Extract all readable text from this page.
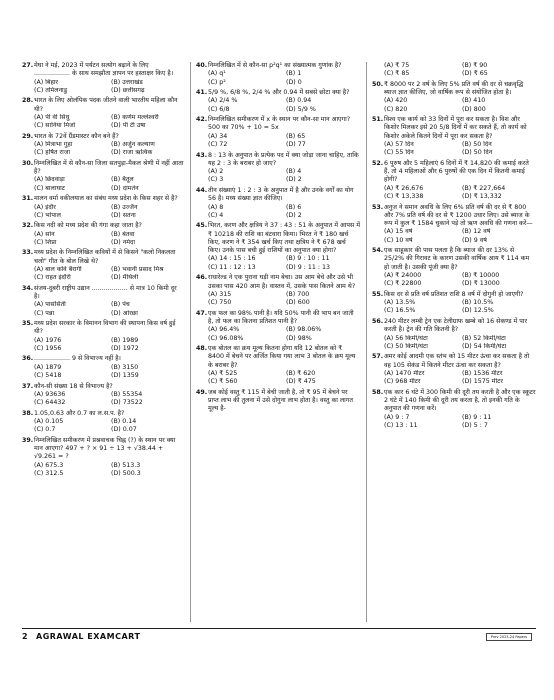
27. मेघा ने मई, 2023 में पर्यटन सत्योग बढ़ाने के लिए .................. के साथ समझौता ज्ञापन पर हस्ताक्षर किए है।
(A) बिहार	(B) उत्तराखंड
(C) तमिलनाडु	(D) छत्तीसगढ़
28. भारत के लिए ओलंपिक पदक जीतने वाली भारतीय महिला कौन थी?
(A) पी वी सिंधु	(B) कर्णम मल्लेश्वरी
(C) सानिया मिर्जा	(D) पी टी उषा
29. भारत के 72वें ग्रैंडमास्टर कौन बने हैं?
(A) मित्राभा गुहा	(B) अर्जुन कल्याण
(C) हर्षित राजा	(D) राजा ऋत्विक
30. निम्नलिखित में से कौन-सा जिला सतपुड़ा-मैकल श्रेणी में नहीं आता है?
(A) छिंदवाड़ा	(B) बैतूल
(C) बालाघाट	(D) दामतेन
31. मालन वर्मा वकीलयाल का संबंध मध्य प्रदेश के किस शहर से है?
(A) इंदौर	(B) उज्जैन
(C) भोपाल	(D) सतना
32. किस नदी को मध्य प्रदेश की गंगा कहा जाता है?
(A) सोन	(B) बेतवा
(C) शिप्रा	(D) नर्मदा
33. मध्य प्रदेश के निम्नलिखित कवियों में से किसने "कलो निकलता चलो" गीत के बोल लिखे थे?
(A) बाल कवि बैरागी	(B) भवानी प्रसाद मिश्र
(C) राहत इंदौरी	(D) मैथिली
34. संजय-दुबरी राष्ट्रीय उद्यान .................. से मात्र 10 किमी दूर है।
(A) पासंसिती	(B) पेंच
(C) पन्ना	(D) ओरछा
35. मध्य प्रदेश सरकार के विमानन विभाग की स्थापना किस वर्ष हुई थी?
(A) 1976	(B) 1989
(C) 1956	(D) 1972
36. .................. 9 से विभाज्य नहीं है।
(A) 1879	(B) 3150
(C) 5418	(D) 1359
37. कौन-सी संख्या 18 से विभाज्य है?
(A) 93636	(B) 55354
(C) 64432	(D) 73522
38. 1.05,0.63 और 0.7 का ल.स.प. है?
(A) 0.105	(B) 0.14
(C) 0.7	(D) 0.07
39. निम्नलिखित समीकरण में प्रश्नवाचक चिह्न (?) के स्थान पर क्या मान आएगा? 497 + ? × 91 ÷ 13 + √38.44 + √9.261 = ?
(A) 675.3	(B) 513.3
(C) 312.5	(D) 500.3
40. निम्नलिखित में से कौन-सा p²q¹ का संख्यात्मक गुणांक है?
(A) q¹	(B) 1
(C) p²	(D) 0
41. 5/9 %, 6/8 %, 2/4 % और 0.94 में सबसे छोटा क्या है?
(A) 2/4 %	(B) 0.94
(C) 6/8	(D) 5/9 %
42. निम्नलिखित समीकरण में x के स्थान पर कौन-सा मान आएगा? 500 का 70% + 10 = 5x
(A) 34	(B) 65
(C) 72	(D) 77
43. 8 : 13 के अनुपात के प्रत्येक पद में क्या जोड़ा जाना चाहिए, ताकि यह 2 : 3 के बराबर हो जाए?
(A) 2	(B) 4
(C) 3	(D) 2
44. तीन संख्याएं 1 : 2 : 3 के अनुपात में है और उनके वर्गों का योग 56 है। मध्य संख्या ज्ञात कीजिए।
(A) 8	(B) 6
(C) 4	(D) 2
45. भिरत, करण और क्षत्रिय ने 37 : 43 : 51 के अनुपात में आपस में ₹ 10218 की राशि का बंटवारा किया। भिरत ने ₹ 180 खर्च किए, करण ने ₹ 354 खर्च किए तथा क्षत्रिय ने ₹ 678 खर्च किए। उनके पास बची हुई राशियों का अनुपात क्या होगा?
(A) 14 : 15 : 16	(B) 9 : 10 : 11
(C) 11 : 12 : 13	(D) 9 : 11 : 13
46. राधारेल्ड ने एक पुराना घड़ी नाम बेचा। उस आम बेचे और उसे भी उसका पास 420 आम है। वास्तव में, उसके पास कितने आम थे?
(A) 315	(B) 700
(C) 750	(D) 600
47. एक फल का 98% पानी है। यदि 50% पानी की भाप बन जाती है, तो फल का कितना प्रतिशत पानी है?
(A) 96.4%	(B) 98.06%
(C) 96.08%	(D) 98%
48. एक बोतल का क्रय मूल्य कितना होगा यदि 12 बोतल को ₹ 8400 में बेचने पर अर्जित किया गया लाभ 3 बोतल के क्रय मूल्य के बराबर है?
(A) ₹ 525	(B) ₹ 620
(C) ₹ 560	(D) ₹ 475
49. जब कोई वस्तु ₹ 115 में बेची जाती है, तो ₹ 95 में बेचने पर प्राप्त लाभ की तुलना में उसे दोगुना लाभ होता है। वस्तु का लागत मूल्य है-
(A) ₹ 75	(B) ₹ 90
(C) ₹ 85	(D) ₹ 65
50. ₹ 8000 पर 2 वर्ष के लिए 5% प्रति वर्ष की दर से चक्रवृद्धि ब्याज ज्ञात कीजिए, जो वार्षिक रूप से संयोजित होता है।
(A) 420	(B) 410
(C) 820	(D) 800
51. विश्व एक कार्य को 33 दिनों में पूरा कर सकता है। विश और किशोर मिलकर इसे 20 5/8 दिनों में कर सकते हैं, तो कार्य को किशोर अकेले कितने दिनों में पूरा कर सकता है?
(A) 57 दिन	(B) 50 दिन
(C) 55 दिन	(D) 50 दिन
52. 6 पुरुष और 5 महिलाएं 6 दिनों में ₹ 14,820 की कमाई करते हैं, तो 4 महिलाओं और 6 पुरुषों की एक दिन में कितनी कमाई होगी?
(A) ₹ 26,676	(B) ₹ 227,664
(C) ₹ 13,338	(D) ₹ 13,332
53. अनुज ने समान अवधि के लिए 6% प्रति वर्ष की दर से ₹ 800 और 7% प्रति वर्ष की दर से ₹ 1200 उधार लिए। उसे ब्याज के रूप में कुल ₹ 1584 चुकाने पड़े तो ऋण अवधि की गणना करें—
(A) 15 वर्ष	(B) 12 वर्ष
(C) 10 वर्ष	(D) 9 वर्ष
54. एक साहूकार की पास पलता है कि ब्याज की दर 13% से 25/2% की गिरावट के कारण उसकी वार्षिक आय ₹ 114 कम हो जाती है। उसकी पूंजी क्या है?
(A) ₹ 24000	(B) ₹ 10000
(C) ₹ 22800	(D) ₹ 13000
55. किस दर से प्रति वर्ष प्रतिशत राशि 8 वर्ष में दोगुनी हो जाएगी?
(A) 13.5%	(B) 10.5%
(C) 16.5%	(D) 12.5%
56. 240 मीटर लम्बी ट्रेन एक टेलीग्राफ खम्बे को 16 सेकण्ड में पार करती है। ट्रेन की गति कितनी है?
(A) 56 किमी/घंटा	(B) 52 किमी/घंटा
(C) 50 किमी/घंटा	(D) 54 किमी/घंटा
57. अमर कोई आदमी एक स्तंभ को 15 मीटर ऊंचा कर सकता है तो वह 105 सेकंड में कितने मीटर ऊंचा कर सकता है?
(A) 1470 मीटर	(B) 1536 मीटर
(C) 968 मीटर	(D) 1575 मीटर
58. एक कार 6 घंटे में 300 किमी की दूरी तय करती है और एक स्कूटर 2 घंटे में 140 किमी की दूरी तय करता है, तो इनकी गति के अनुपात की गणना करें।
(A) 9 : 7	(B) 9 : 11
(C) 13 : 11	(D) 5 : 7
2 AGRAWAL EXAMCART	Prev 2023-24 Papers
